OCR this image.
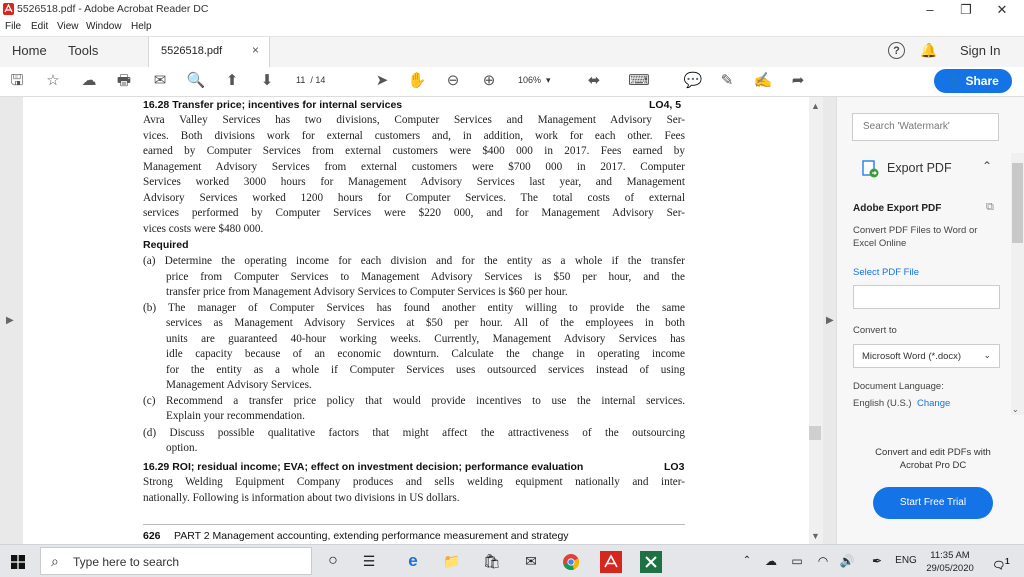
5526518.pdf - Adobe Acrobat Reader DC	–	❐	✕
File Edit View Window Help
Home Tools	5526518.pdf ×	?	🔔 Sign In
🖫	☆	☁	🖶	✉	🔍	⬆	⬇	11 / 14	➤	✋	⊖	⊕	106%  ▾	⬌	⌨ 💬	✎	✍	➦	👤 Share
▶
16.28 Transfer price; incentives for internal services
Avra Valley Services has two divisions, Computer Services and Management Advisory Ser-
vices. Both divisions work for external customers and, in addition, work for each other. Fees
earned by Computer Services from external customers were $400 000 in 2017. Fees earned by
Management Advisory Services from external customers were $700 000 in 2017. Computer
Services worked 3000 hours for Management Advisory Services last year, and Management
Advisory Services worked 1200 hours for Computer Services. The total costs of external
services performed by Computer Services were $220 000, and for Management Advisory Ser-
vices costs were $480 000.
Required
(a) Determine the operating income for each division and for the entity as a whole if the transfer
price from Computer Services to Management Advisory Services is $50 per hour, and the
transfer price from Management Advisory Services to Computer Services is $60 per hour.
(b) The manager of Computer Services has found another entity willing to provide the same
services as Management Advisory Services at $50 per hour. All of the employees in both
units are guaranteed 40-hour working weeks. Currently, Management Advisory Services has
idle capacity because of an economic downturn. Calculate the change in operating income
for the entity as a whole if Computer Services uses outsourced services instead of using
Management Advisory Services.
(c) Recommend a transfer price policy that would provide incentives to use the internal services.
Explain your recommendation.
(d) Discuss possible qualitative factors that might affect the attractiveness of the outsourcing
option.
16.29 ROI; residual income; EVA; effect on investment decision; performance evaluation
Strong Welding Equipment Company produces and sells welding equipment nationally and inter-
nationally. Following is information about two divisions in US dollars.
LO4, 5
LO3
626 PART 2 Management accounting, extending performance measurement and strategy
▶
▲
▼
Search 'Watermark'
Export PDF	⌃
Adobe Export PDF	⧉
Convert PDF Files to Word or Excel Online
Select PDF File
Convert to
Microsoft Word (*.docx) ⌄
Document Language:
English (U.S.) Change
⌄
Convert and edit PDFs with Acrobat Pro DC
Start Free Trial
⌕ Type here to search	○	☰	e	📁 🛍	✉	⌃	☁	▭	◠ 🔊	✒	ENG	11:35 AM
29/05/2020 🗨$^1$
